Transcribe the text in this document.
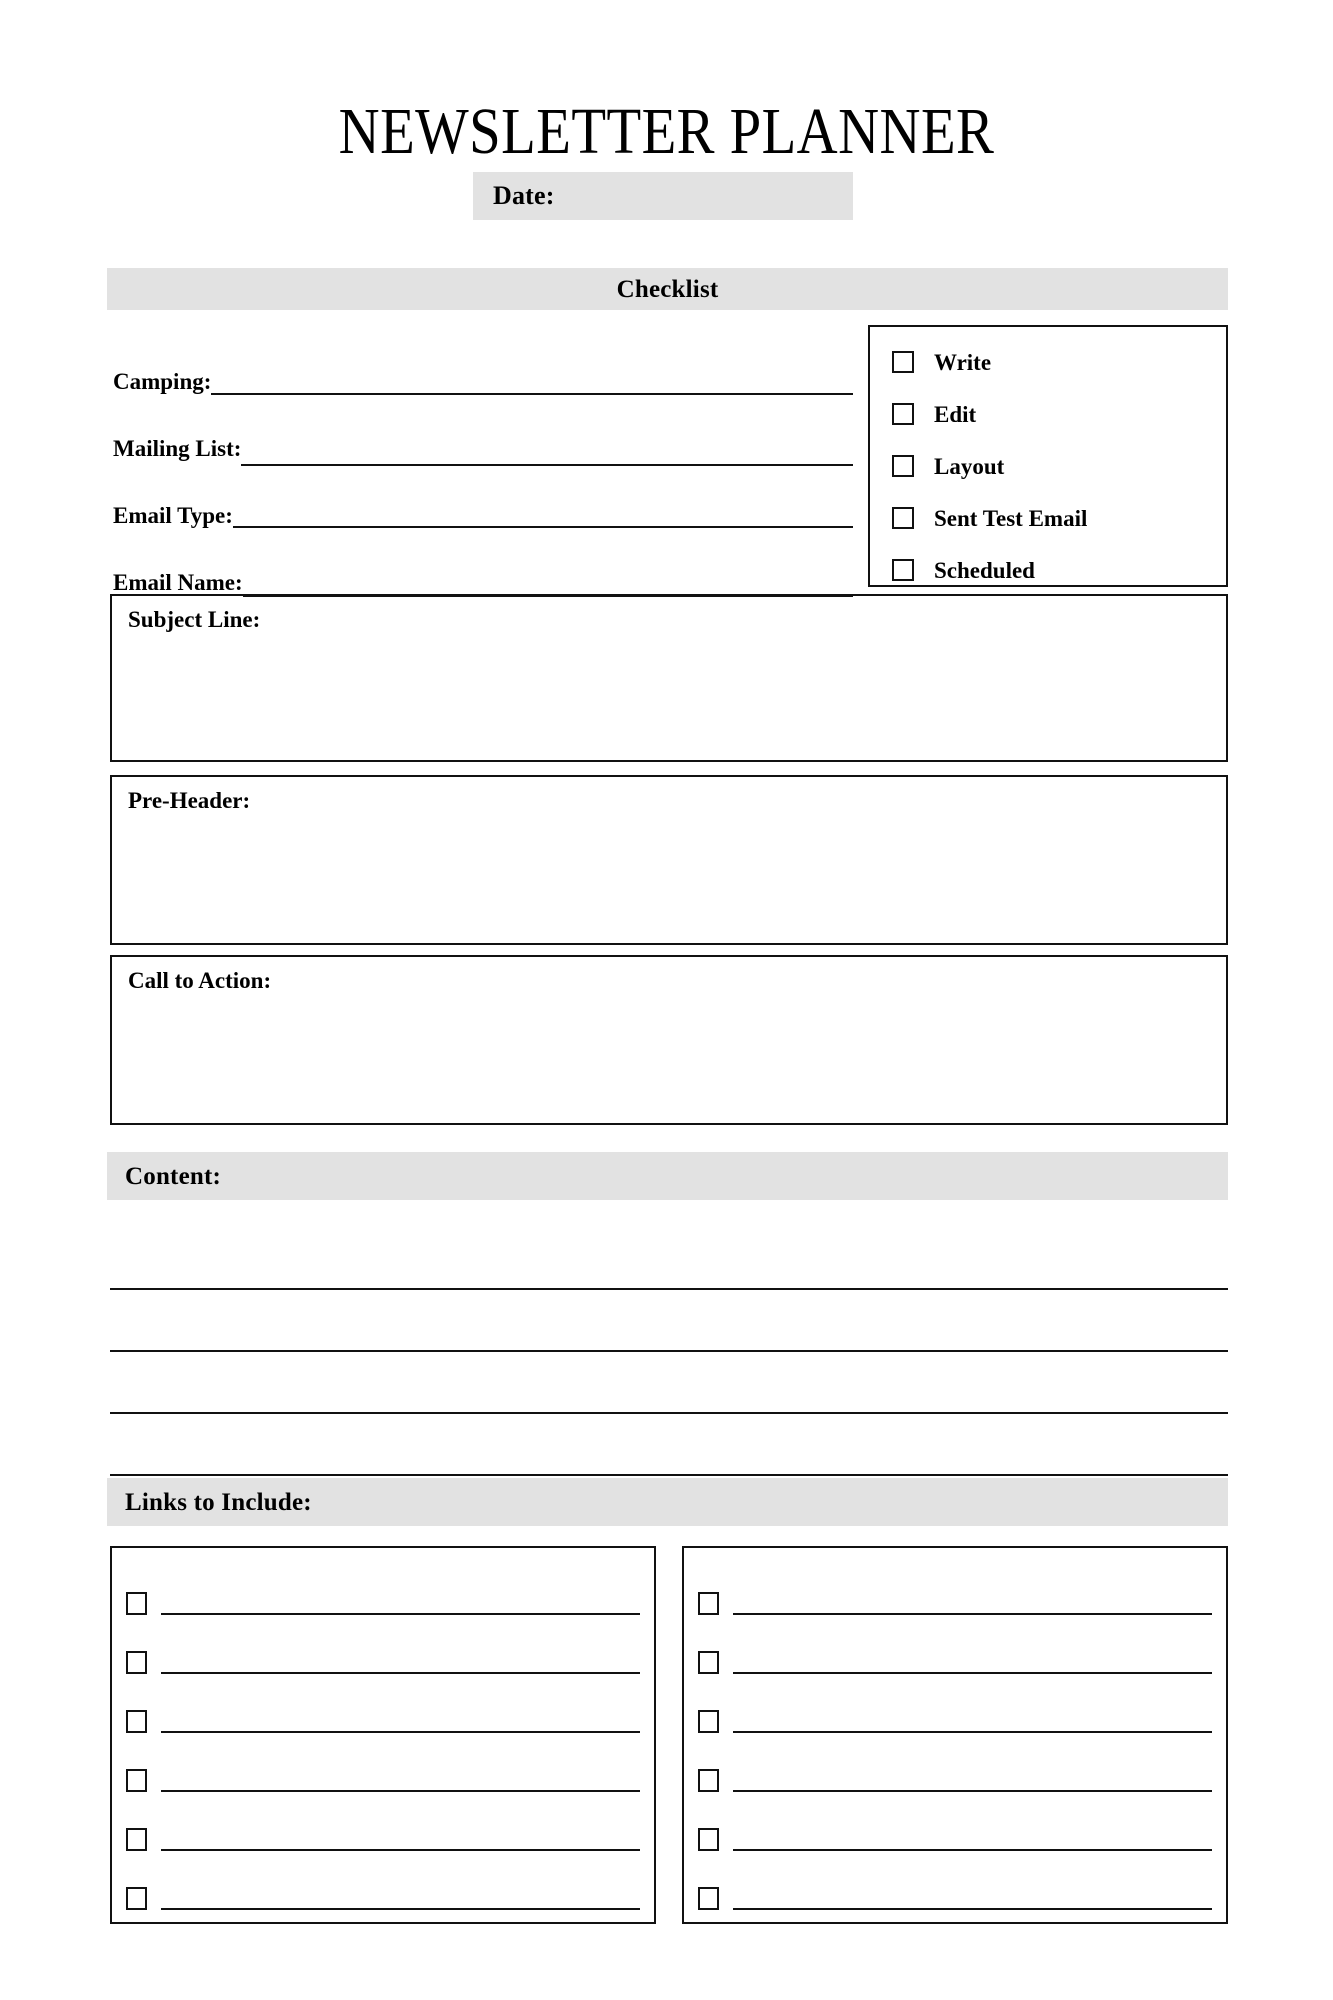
NEWSLETTER PLANNER
Date:
Checklist
Camping:
Mailing List:
Email Type:
Email Name:
Write
Edit
Layout
Sent Test Email
Scheduled
Subject Line:
Pre-Header:
Call to Action:
Content:
Links to Include:
